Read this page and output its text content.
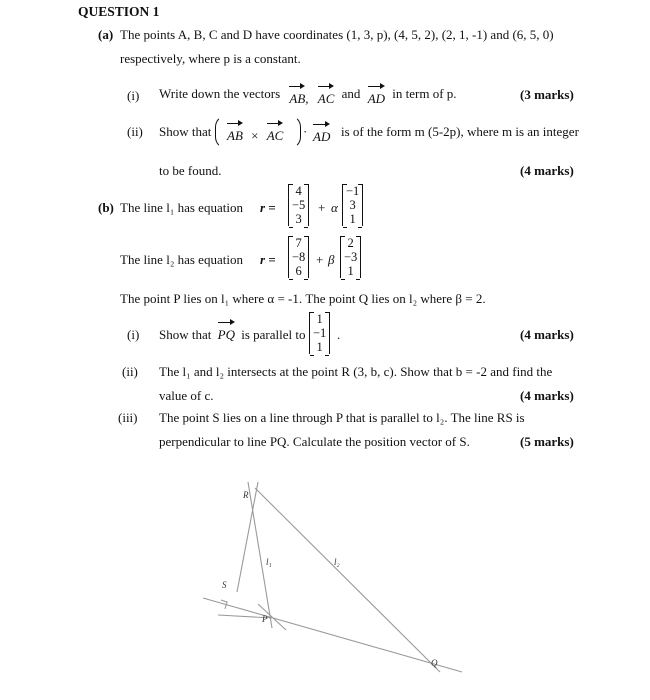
QUESTION 1
(a) The points A, B, C and D have coordinates (1, 3, p), (4, 5, 2), (2, 1, -1) and (6, 5, 0)
respectively, where p is a constant.
(i) Write down the vectors AB, AC and AD in term of p.	(3 marks)
(ii) Show that AB × AC · AD is of the form m (5-2p), where m is an integer
to be found.	(4 marks)
(b) The line l₁ has equation r =
4
−5
3
+ α
−1
3
1
The line l₂ has equation r =
7
−8
6
+ β
2
−3
1
The point P lies on l₁ where α = -1. The point Q lies on l₂ where β = 2.
(i) Show that PQ is parallel to
1
−1
1
.	(4 marks)
(ii) The l₁ and l₂ intersects at the point R (3, b, c). Show that b = -2 and find the
value of c.	(4 marks)
(iii) The point S lies on a line through P that is parallel to l₂. The line RS is
perpendicular to line PQ. Calculate the position vector of S.	(5 marks)
R
S
P
Q
l₁	l₂
